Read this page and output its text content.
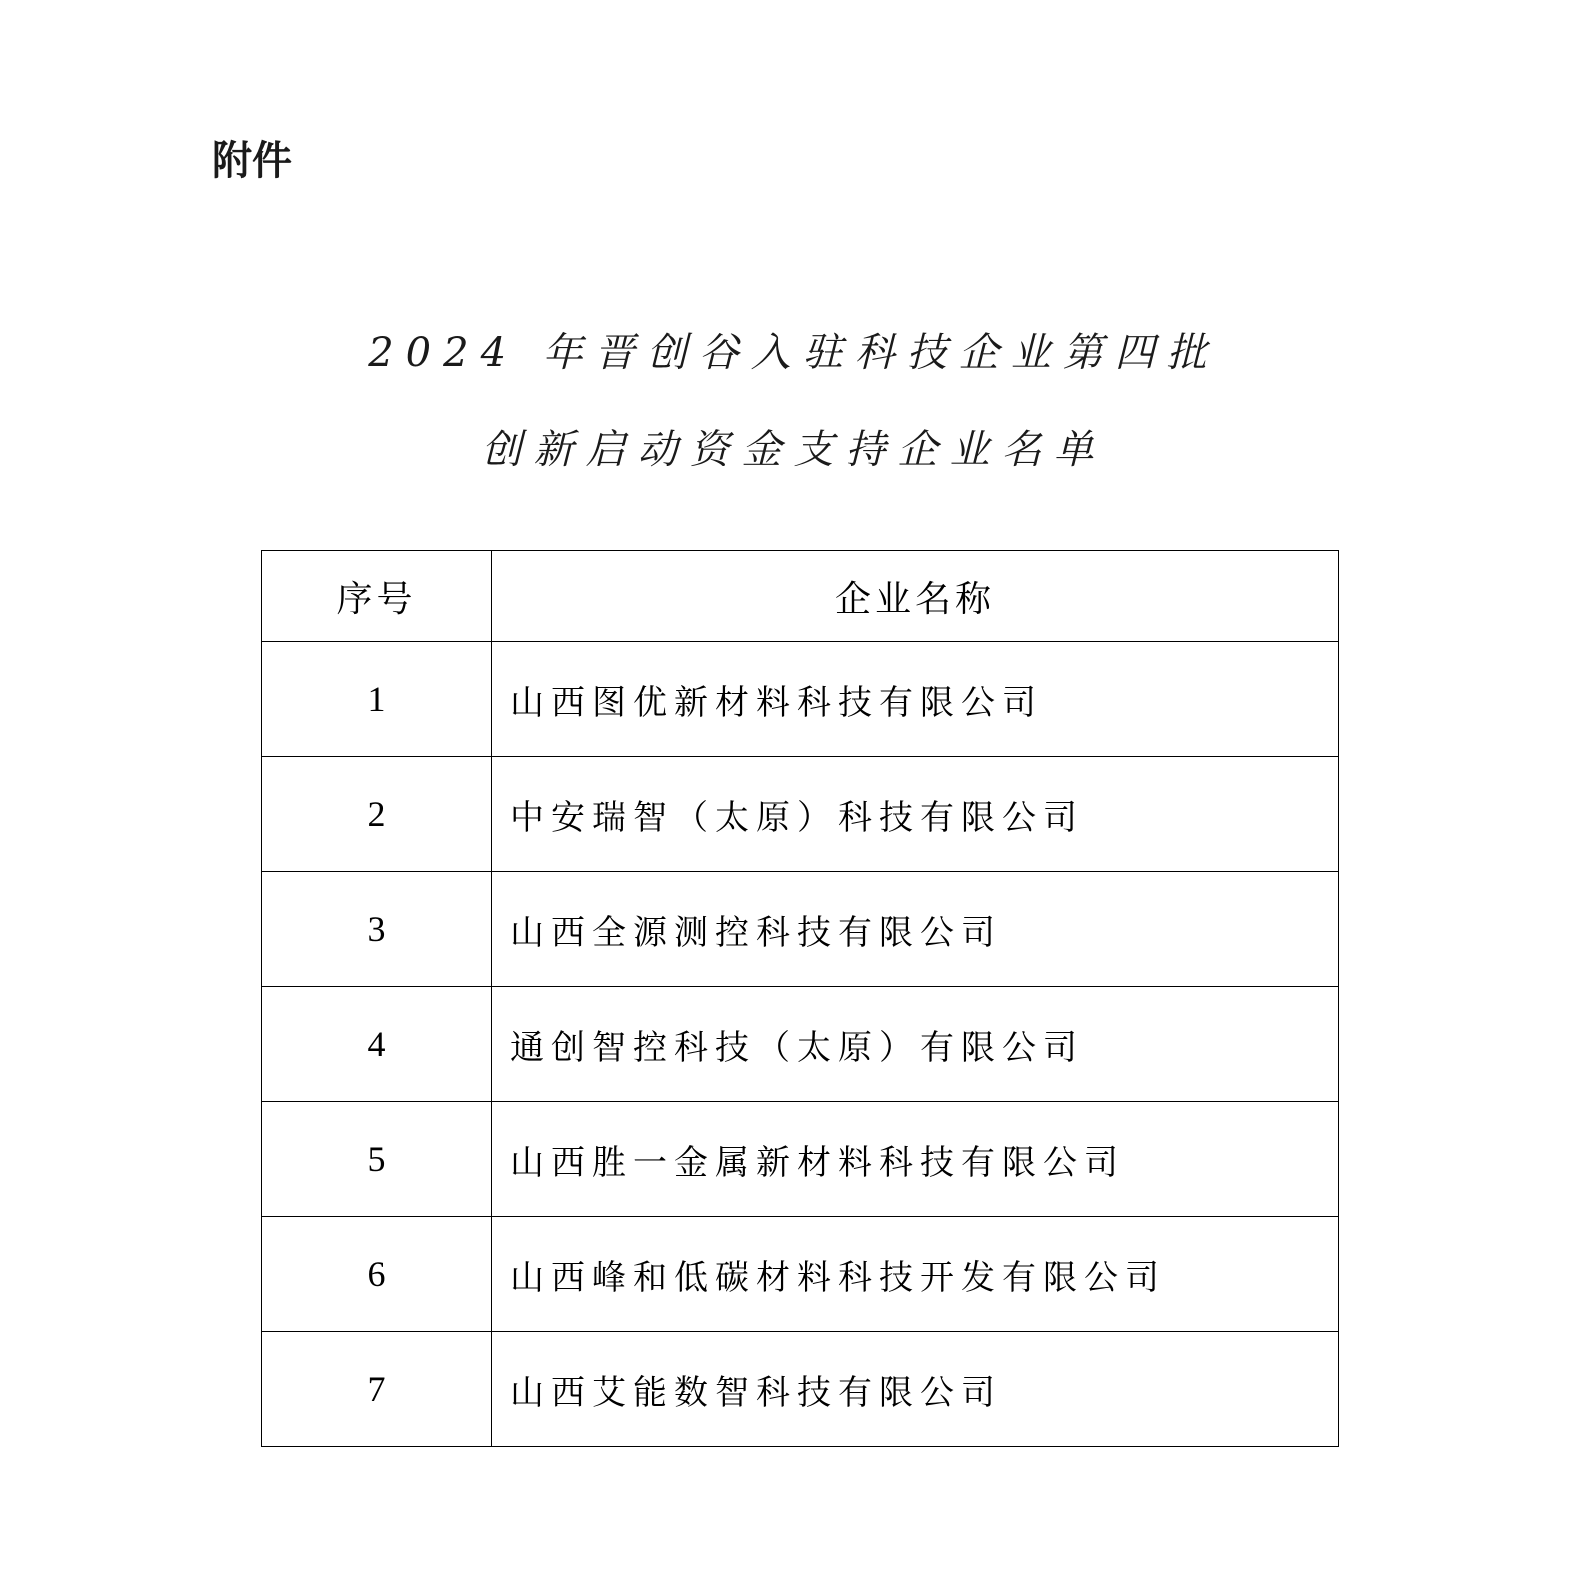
附件
2024 年晋创谷入驻科技企业第四批
创新启动资金支持企业名单
序号	企业名称
1	山西图优新材料科技有限公司
2	中安瑞智（太原）科技有限公司
3	山西全源测控科技有限公司
4	通创智控科技（太原）有限公司
5	山西胜一金属新材料科技有限公司
6	山西峰和低碳材料科技开发有限公司
7	山西艾能数智科技有限公司
